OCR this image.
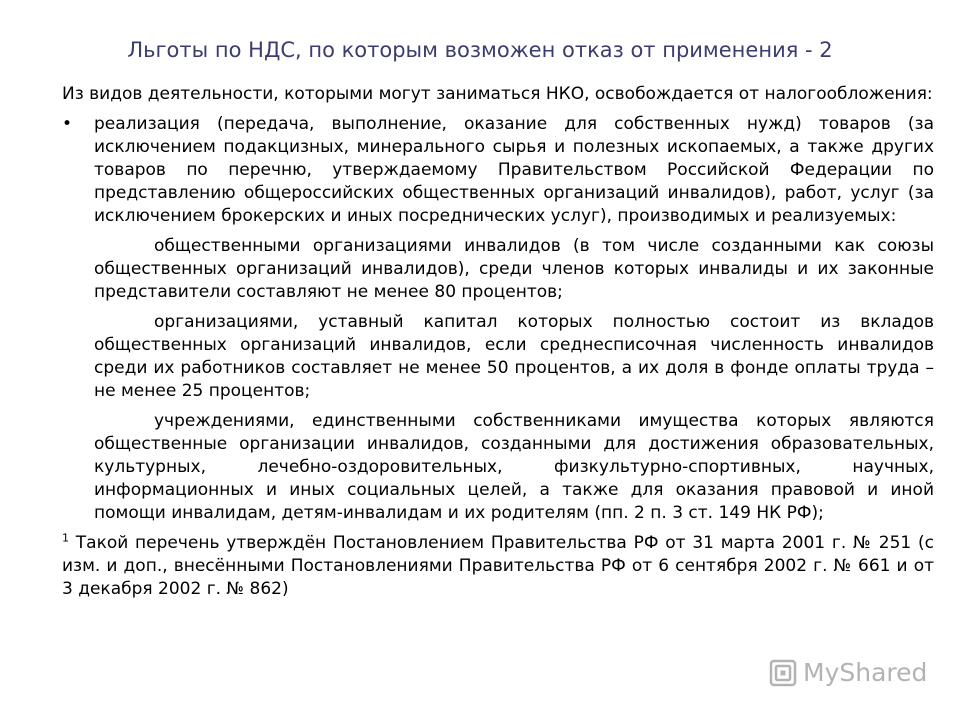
Льготы по НДС, по которым возможен отказ от применения - 2

Из видов деятельности, которыми могут заниматься НКО, освобождается от налогообложения:

•	реализация (передача, выполнение, оказание для собственных нужд) товаров (за исключением подакцизных, минерального сырья и полезных ископаемых, а также других товаров по перечню, утверждаемому Правительством Российской Федерации по представлению общероссийских общественных организаций инвалидов), работ, услуг (за исключением брокерских и иных посреднических услуг), производимых и реализуемых:

общественными организациями инвалидов (в том числе созданными как союзы общественных организаций инвалидов), среди членов которых инвалиды и их законные представители составляют не менее 80 процентов;

организациями, уставный капитал которых полностью состоит из вкладов общественных организаций инвалидов, если среднесписочная численность инвалидов среди их работников составляет не менее 50 процентов, а их доля в фонде оплаты труда – не менее 25 процентов;

учреждениями, единственными собственниками имущества которых являются общественные организации инвалидов, созданными для достижения образовательных, культурных, лечебно-оздоровительных, физкультурно-спортивных, научных, информационных и иных социальных целей, а также для оказания правовой и иной помощи инвалидам, детям-инвалидам и их родителям (пп. 2 п. 3 ст. 149 НК РФ);

$^1$ Такой перечень утверждён Постановлением Правительства РФ от 31 марта 2001 г. № 251 (с изм. и доп., внесёнными Постановлениями Правительства РФ от 6 сентября 2002 г. № 661 и от 3 декабря 2002 г. № 862)

MyShared
